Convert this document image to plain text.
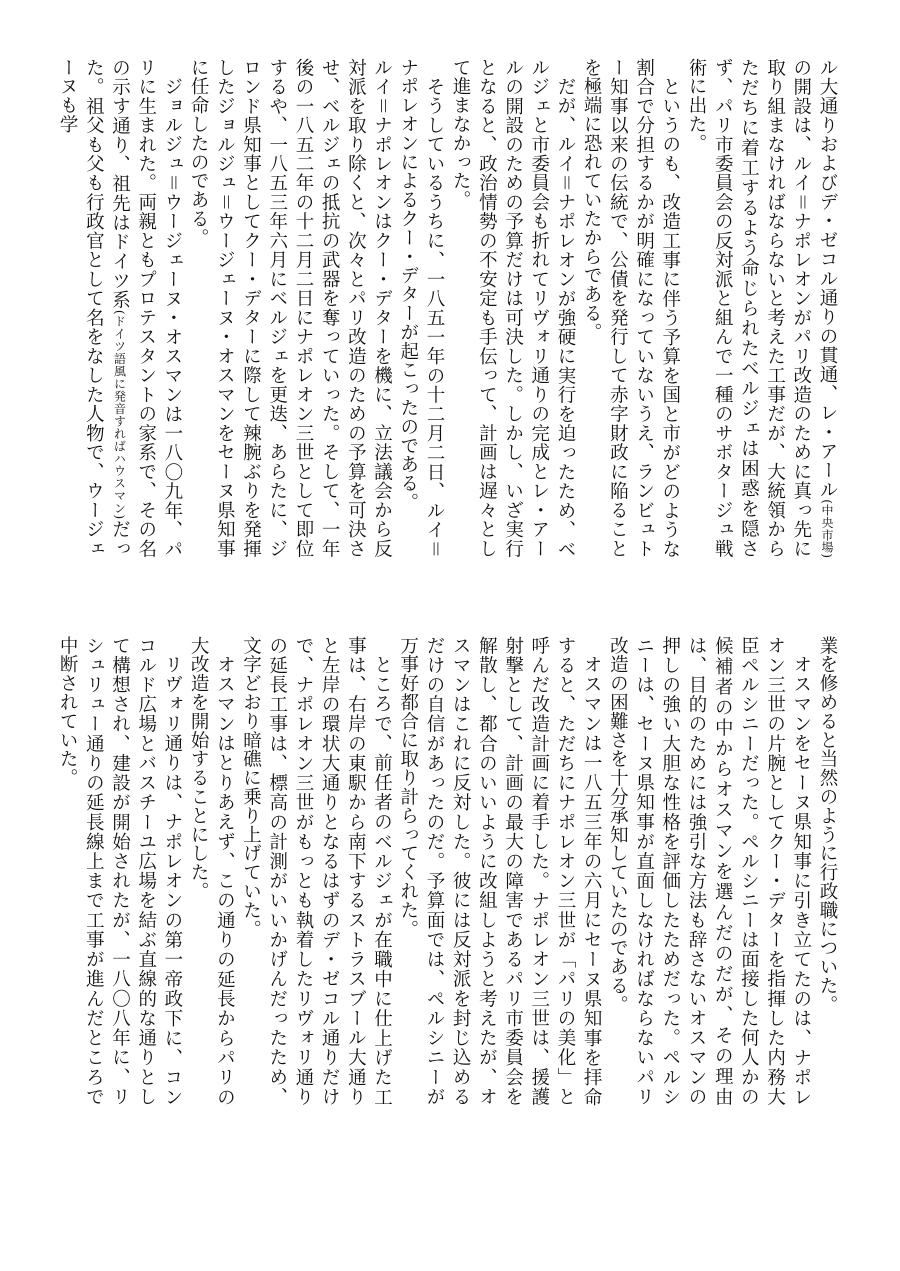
ル大通りおよびデ・ゼコル通りの貫通、レ・アール(中央市場)の開設は、ルイ＝ナポレオンがパリ改造のために真っ先に取り組まなければならないと考えた工事だが、大統領からただちに着工するよう命じられたベルジェは困惑を隠さず、パリ市委員会の反対派と組んで一種のサボタージュ戦術に出た。

というのも、改造工事に伴う予算を国と市がどのような割合で分担するかが明確になっていないうえ、ランビュトー知事以来の伝統で、公債を発行して赤字財政に陥ることを極端に恐れていたからである。

だが、ルイ＝ナポレオンが強硬に実行を迫ったため、ベルジェと市委員会も折れてリヴォリ通りの完成とレ・アールの開設のための予算だけは可決した。しかし、いざ実行となると、政治情勢の不安定も手伝って、計画は遅々として進まなかった。

そうしているうちに、一八五一年の十二月二日、ルイ＝ナポレオンによるクー・デターが起こったのである。

ルイ＝ナポレオンはクー・デターを機に、立法議会から反対派を取り除くと、次々とパリ改造のための予算を可決させ、ベルジェの抵抗の武器を奪っていった。そして、一年後の一八五二年の十二月二日にナポレオン三世として即位するや、一八五三年六月にベルジェを更迭、あらたに、ジロンド県知事としてクー・デターに際して辣腕ぶりを発揮したジョルジュ＝ウージェーヌ・オスマンをセーヌ県知事に任命したのである。

ジョルジュ＝ウージェーヌ・オスマンは一八〇九年、パリに生まれた。両親ともプロテスタントの家系で、その名の示す通り、祖先はドイツ系(ドイツ語風に発音すればハウスマン)だった。祖父も父も行政官として名をなした人物で、ウージェーヌも学

業を修めると当然のように行政職についた。

オスマンをセーヌ県知事に引き立てたのは、ナポレオン三世の片腕としてクー・デターを指揮した内務大臣ペルシニーだった。ペルシニーは面接した何人かの候補者の中からオスマンを選んだのだが、その理由は、目的のためには強引な方法も辞さないオスマンの押しの強い大胆な性格を評価したためだった。ペルシニーは、セーヌ県知事が直面しなければならないパリ改造の困難さを十分承知していたのである。

オスマンは一八五三年の六月にセーヌ県知事を拝命すると、ただちにナポレオン三世が「パリの美化」と呼んだ改造計画に着手した。ナポレオン三世は、援護射撃として、計画の最大の障害であるパリ市委員会を解散し、都合のいいように改組しようと考えたが、オスマンはこれに反対した。彼には反対派を封じ込めるだけの自信があったのだ。予算面では、ペルシニーが万事好都合に取り計らってくれた。

ところで、前任者のベルジェが在職中に仕上げた工事は、右岸の東駅から南下するストラスブール大通りと左岸の環状大通りとなるはずのデ・ゼコル通りだけで、ナポレオン三世がもっとも執着したリヴォリ通りの延長工事は、標高の計測がいいかげんだったため、文字どおり暗礁に乗り上げていた。

オスマンはとりあえず、この通りの延長からパリの大改造を開始することにした。

リヴォリ通りは、ナポレオンの第一帝政下に、コンコルド広場とバスチーユ広場を結ぶ直線的な通りとして構想され、建設が開始されたが、一八〇八年に、リシュリュー通りの延長線上まで工事が進んだところで中断されていた。
